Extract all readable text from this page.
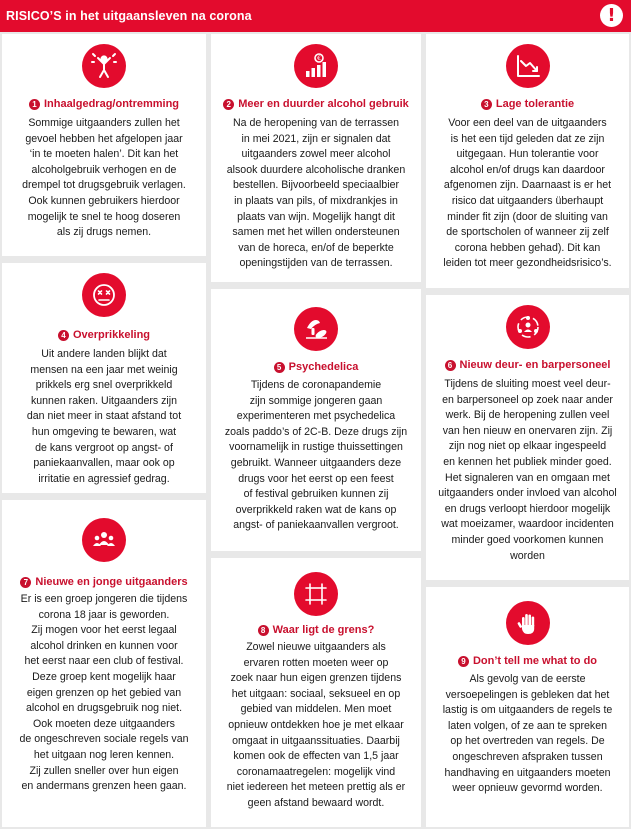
RISICO’S in het uitgaansleven na corona	!
1 Inhaalgedrag/ontremming
Sommige uitgaanders zullen het
gevoel hebben het afgelopen jaar
‘in te moeten halen’. Dit kan het
alcoholgebruik verhogen en de
drempel tot drugsgebruik verlagen.
Ook kunnen gebruikers hierdoor
mogelijk te snel te hoog doseren
als zij drugs nemen.
€
2 Meer en duurder alcohol gebruik
Na de heropening van de terrassen
in mei 2021, zijn er signalen dat
uitgaanders zowel meer alcohol
alsook duurdere alcoholische dranken
bestellen. Bijvoorbeeld speciaalbier
in plaats van pils, of mixdrankjes in
plaats van wijn. Mogelijk hangt dit
samen met het willen ondersteunen
van de horeca, en/of de beperkte
openingstijden van de terrassen.
3 Lage tolerantie
Voor een deel van de uitgaanders
is het een tijd geleden dat ze zijn
uitgegaan. Hun tolerantie voor
alcohol en/of drugs kan daardoor
afgenomen zijn. Daarnaast is er het
risico dat uitgaanders überhaupt
minder fit zijn (door de sluiting van
de sportscholen of wanneer zij zelf
corona hebben gehad). Dit kan
leiden tot meer gezondheidsrisico’s.
4 Overprikkeling
Uit andere landen blijkt dat
mensen na een jaar met weinig
prikkels erg snel overprikkeld
kunnen raken. Uitgaanders zijn
dan niet meer in staat afstand tot
hun omgeving te bewaren, wat
de kans vergroot op angst- of
paniekaanvallen, maar ook op
irritatie en agressief gedrag.
5 Psychedelica
Tijdens de coronapandemie
zijn sommige jongeren gaan
experimenteren met psychedelica
zoals paddo’s of 2C-B. Deze drugs zijn
voornamelijk in rustige thuissettingen
gebruikt. Wanneer uitgaanders deze
drugs voor het eerst op een feest
of festival gebruiken kunnen zij
overprikkeld raken wat de kans op
angst- of paniekaanvallen vergroot.
6 Nieuw deur- en barpersoneel
Tijdens de sluiting moest veel deur-
en barpersoneel op zoek naar ander
werk. Bij de heropening zullen veel
van hen nieuw en onervaren zijn. Zij
zijn nog niet op elkaar ingespeeld
en kennen het publiek minder goed.
Het signaleren van en omgaan met
uitgaanders onder invloed van alcohol
en drugs verloopt hierdoor mogelijk
wat moeizamer, waardoor incidenten
minder goed voorkomen kunnen
worden
7 Nieuwe en jonge uitgaanders
Er is een groep jongeren die tijdens
corona 18 jaar is geworden.
Zij mogen voor het eerst legaal
alcohol drinken en kunnen voor
het eerst naar een club of festival.
Deze groep kent mogelijk haar
eigen grenzen op het gebied van
alcohol en drugsgebruik nog niet.
Ook moeten deze uitgaanders
de ongeschreven sociale regels van
het uitgaan nog leren kennen.
Zij zullen sneller over hun eigen
en andermans grenzen heen gaan.
8 Waar ligt de grens?
Zowel nieuwe uitgaanders als
ervaren rotten moeten weer op
zoek naar hun eigen grenzen tijdens
het uitgaan: sociaal, seksueel en op
gebied van middelen. Men moet
opnieuw ontdekken hoe je met elkaar
omgaat in uitgaanssituaties. Daarbij
komen ook de effecten van 1,5 jaar
coronamaatregelen: mogelijk vind
niet iedereen het meteen prettig als er
geen afstand bewaard wordt.
9 Don’t tell me what to do
Als gevolg van de eerste
versoepelingen is gebleken dat het
lastig is om uitgaanders de regels te
laten volgen, of ze aan te spreken
op het overtreden van regels. De
ongeschreven afspraken tussen
handhaving en uitgaanders moeten
weer opnieuw gevormd worden.
